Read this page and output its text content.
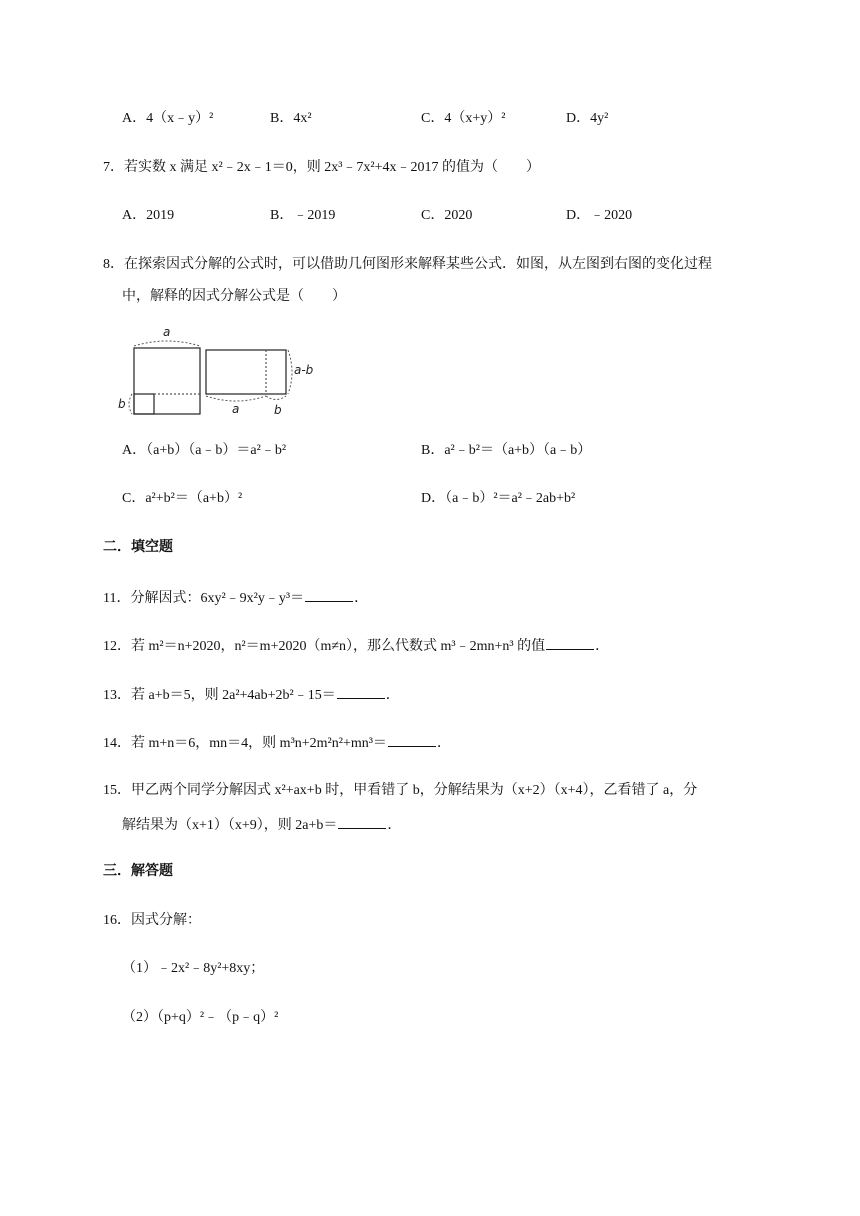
A．4（x﹣y）²	B．4x²	C．4（x+y）²	D．4y²
7．若实数 x 满足 x²﹣2x﹣1＝0，则 2x³﹣7x²+4x﹣2017 的值为（　　）
A．2019	B．﹣2019	C．2020	D．﹣2020
8．在探索因式分解的公式时，可以借助几何图形来解释某些公式．如图，从左图到右图的变化过程
中，解释的因式分解公式是（　　）
a
b	a	b
a-b
A．（a+b）（a﹣b）＝a²﹣b²	B．a²﹣b²＝（a+b）（a﹣b）
C．a²+b²＝（a+b）²	D．（a﹣b）²＝a²﹣2ab+b²
二．填空题
11．分解因式：6xy²﹣9x²y﹣y³＝	．
12．若 m²＝n+2020，n²＝m+2020（m≠n），那么代数式 m³﹣2mn+n³ 的值	．
13．若 a+b＝5，则 2a²+4ab+2b²﹣15＝	．
14．若 m+n＝6，mn＝4，则 m³n+2m²n²+mn³＝	．
15．甲乙两个同学分解因式 x²+ax+b 时，甲看错了 b，分解结果为（x+2）（x+4），乙看错了 a，分
解结果为（x+1）（x+9），则 2a+b＝	．
三．解答题
16．因式分解：
（1）﹣2x²﹣8y²+8xy；
（2）（p+q）²﹣（p﹣q）²
